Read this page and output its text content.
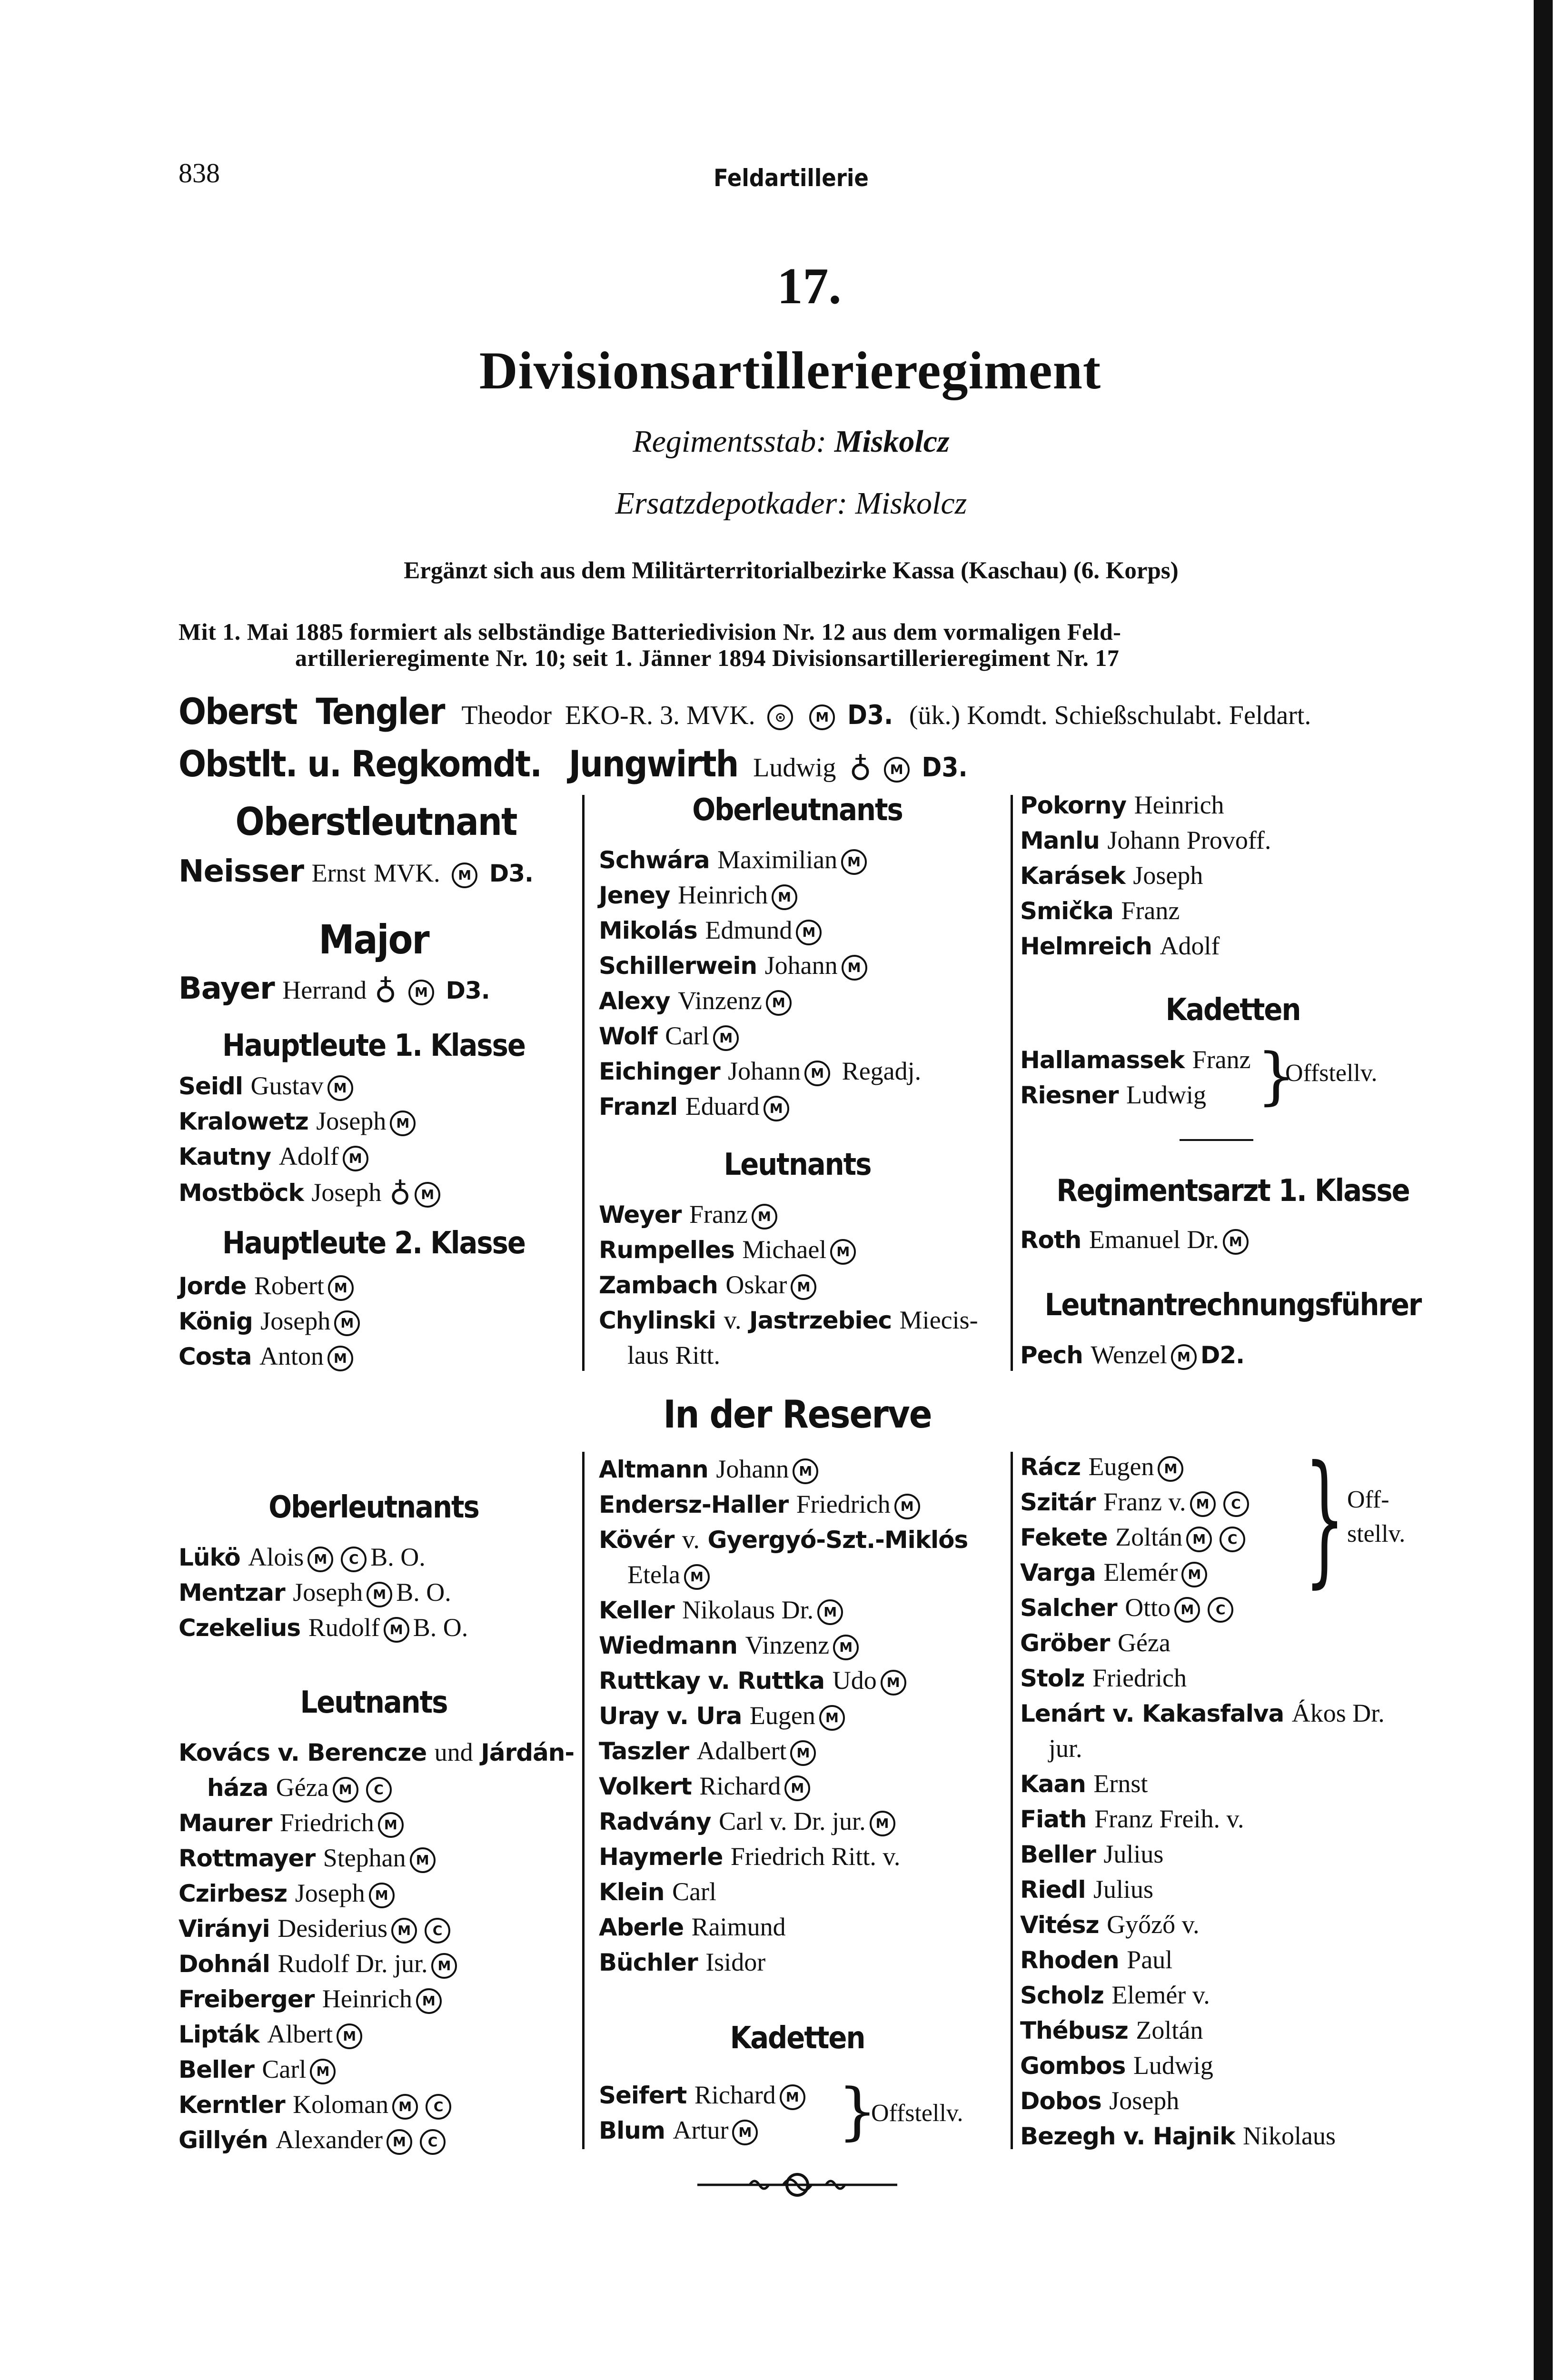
838	Feldartillerie
17.
Divisionsartillerieregiment
Regimentsstab: Miskolcz
Ersatzdepotkader: Miskolcz
Ergänzt sich aus dem Militärterritorialbezirke Kassa (Kaschau) (6. Korps)
Mit 1. Mai 1885 formiert als selbständige Batteriedivision Nr. 12 aus dem vormaligen Feld-
artillerieregimente Nr. 10; seit 1. Jänner 1894 Divisionsartillerieregiment Nr. 17
Oberst Tengler Theodor EKO-R. 3. MVK. ⊙ M D3. (ük.) Komdt. Schießschulabt. Feldart.
Obstlt. u. Regkomdt. Jungwirth Ludwig ♁ M D3.
Oberstleutnant
Neisser Ernst MVK. M D3.
Major
Bayer Herrand ♁ M D3.
Hauptleute 1. Klasse
Seidl Gustav M
Kralowetz Joseph M
Kautny Adolf M
Mostböck Joseph ♁ M
Hauptleute 2. Klasse
Jorde Robert M
König Joseph M
Costa Anton M
Oberleutnants
Schwára Maximilian M
Jeney Heinrich M
Mikolás Edmund M
Schillerwein Johann M
Alexy Vinzenz M
Wolf Carl M
Eichinger Johann M Regadj.
Franzl Eduard M
Leutnants
Weyer Franz M
Rumpelles Michael M
Zambach Oskar M
Chylinski v. Jastrzebiec Miecis-
laus Ritt.
Pokorny Heinrich
Manlu Johann Provoff.
Karásek Joseph
Smička Franz
Helmreich Adolf
Kadetten
Hallamassek Franz
Riesner Ludwig }
Offstellv.
Regimentsarzt 1. Klasse
Roth Emanuel Dr. M
Leutnantrechnungsführer
Pech Wenzel M D2.
In der Reserve
Oberleutnants
Lükö Alois M C B. O.
Mentzar Joseph M B. O.
Czekelius Rudolf M B. O.
Leutnants
Kovács v. Berencze und Járdán-
háza Géza M C
Maurer Friedrich M
Rottmayer Stephan M
Czirbesz Joseph M
Virányi Desiderius M C
Dohnál Rudolf Dr. jur. M
Freiberger Heinrich M
Lipták Albert M
Beller Carl M
Kerntler Koloman M C
Gillyén Alexander M C
Altmann Johann M
Endersz-Haller Friedrich M
Kövér v. Gyergyó-Szt.-Miklós
Etela M
Keller Nikolaus Dr. M
Wiedmann Vinzenz M
Ruttkay v. Ruttka Udo M
Uray v. Ura Eugen M
Taszler Adalbert M
Volkert Richard M
Radvány Carl v. Dr. jur. M
Haymerle Friedrich Ritt. v.
Klein Carl
Aberle Raimund
Büchler Isidor
Kadetten
Seifert Richard M
Blum Artur M	}
Offstellv.
Rácz Eugen M
Szitár Franz v. M C
Fekete Zoltán M C
Varga Elemér M
Salcher Otto M C
Gröber Géza
Stolz Friedrich
Lenárt v. Kakasfalva Ákos Dr.
jur.
Kaan Ernst
Fiath Franz Freih. v.
Beller Julius
Riedl Julius
Vitész Győző v.
Rhoden Paul
Scholz Elemér v.
Thébusz Zoltán
Gombos Ludwig
Dobos Joseph
Bezegh v. Hajnik Nikolaus
} Off-
stellv.
